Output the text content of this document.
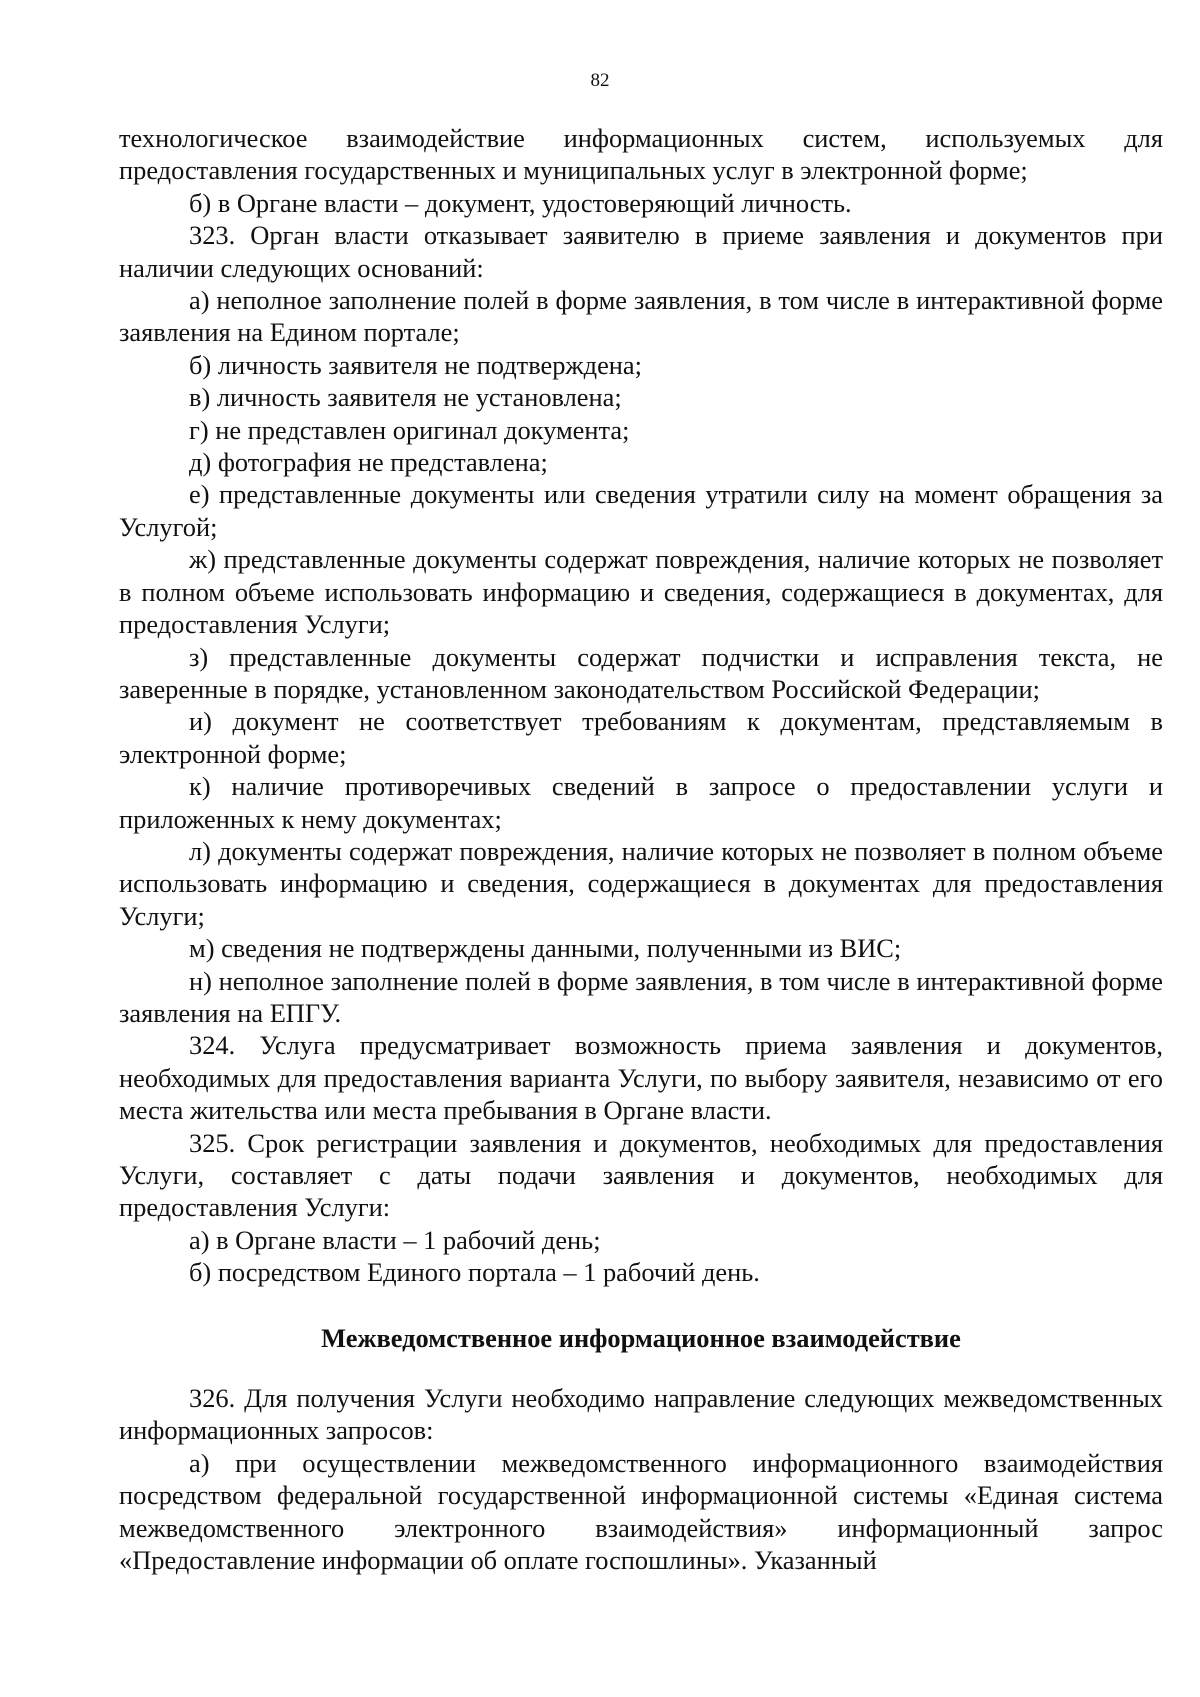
82

технологическое взаимодействие информационных систем, используемых для предоставления государственных и муниципальных услуг в электронной форме;

б) в Органе власти – документ, удостоверяющий личность.

323. Орган власти отказывает заявителю в приеме заявления и документов при наличии следующих оснований:

а) неполное заполнение полей в форме заявления, в том числе в интерактивной форме заявления на Едином портале;

б) личность заявителя не подтверждена;

в) личность заявителя не установлена;

г) не представлен оригинал документа;

д) фотография не представлена;

е) представленные документы или сведения утратили силу на момент обращения за Услугой;

ж) представленные документы содержат повреждения, наличие которых не позволяет в полном объеме использовать информацию и сведения, содержащиеся в документах, для предоставления Услуги;

з) представленные документы содержат подчистки и исправления текста, не заверенные в порядке, установленном законодательством Российской Федерации;

и) документ не соответствует требованиям к документам, представляемым в электронной форме;

к) наличие противоречивых сведений в запросе о предоставлении услуги и приложенных к нему документах;

л) документы содержат повреждения, наличие которых не позволяет в полном объеме использовать информацию и сведения, содержащиеся в документах для предоставления Услуги;

м) сведения не подтверждены данными, полученными из ВИС;

н) неполное заполнение полей в форме заявления, в том числе в интерактивной форме заявления на ЕПГУ.

324. Услуга предусматривает возможность приема заявления и документов, необходимых для предоставления варианта Услуги, по выбору заявителя, независимо от его места жительства или места пребывания в Органе власти.

325. Срок регистрации заявления и документов, необходимых для предоставления Услуги, составляет с даты подачи заявления и документов, необходимых для предоставления Услуги:

а) в Органе власти – 1 рабочий день;

б) посредством Единого портала – 1 рабочий день.

Межведомственное информационное взаимодействие

326. Для получения Услуги необходимо направление следующих межведомственных информационных запросов:

а) при осуществлении межведомственного информационного взаимодействия посредством федеральной государственной информационной системы «Единая система межведомственного электронного взаимодействия» информационный запрос «Предоставление информации об оплате госпошлины». Указанный
